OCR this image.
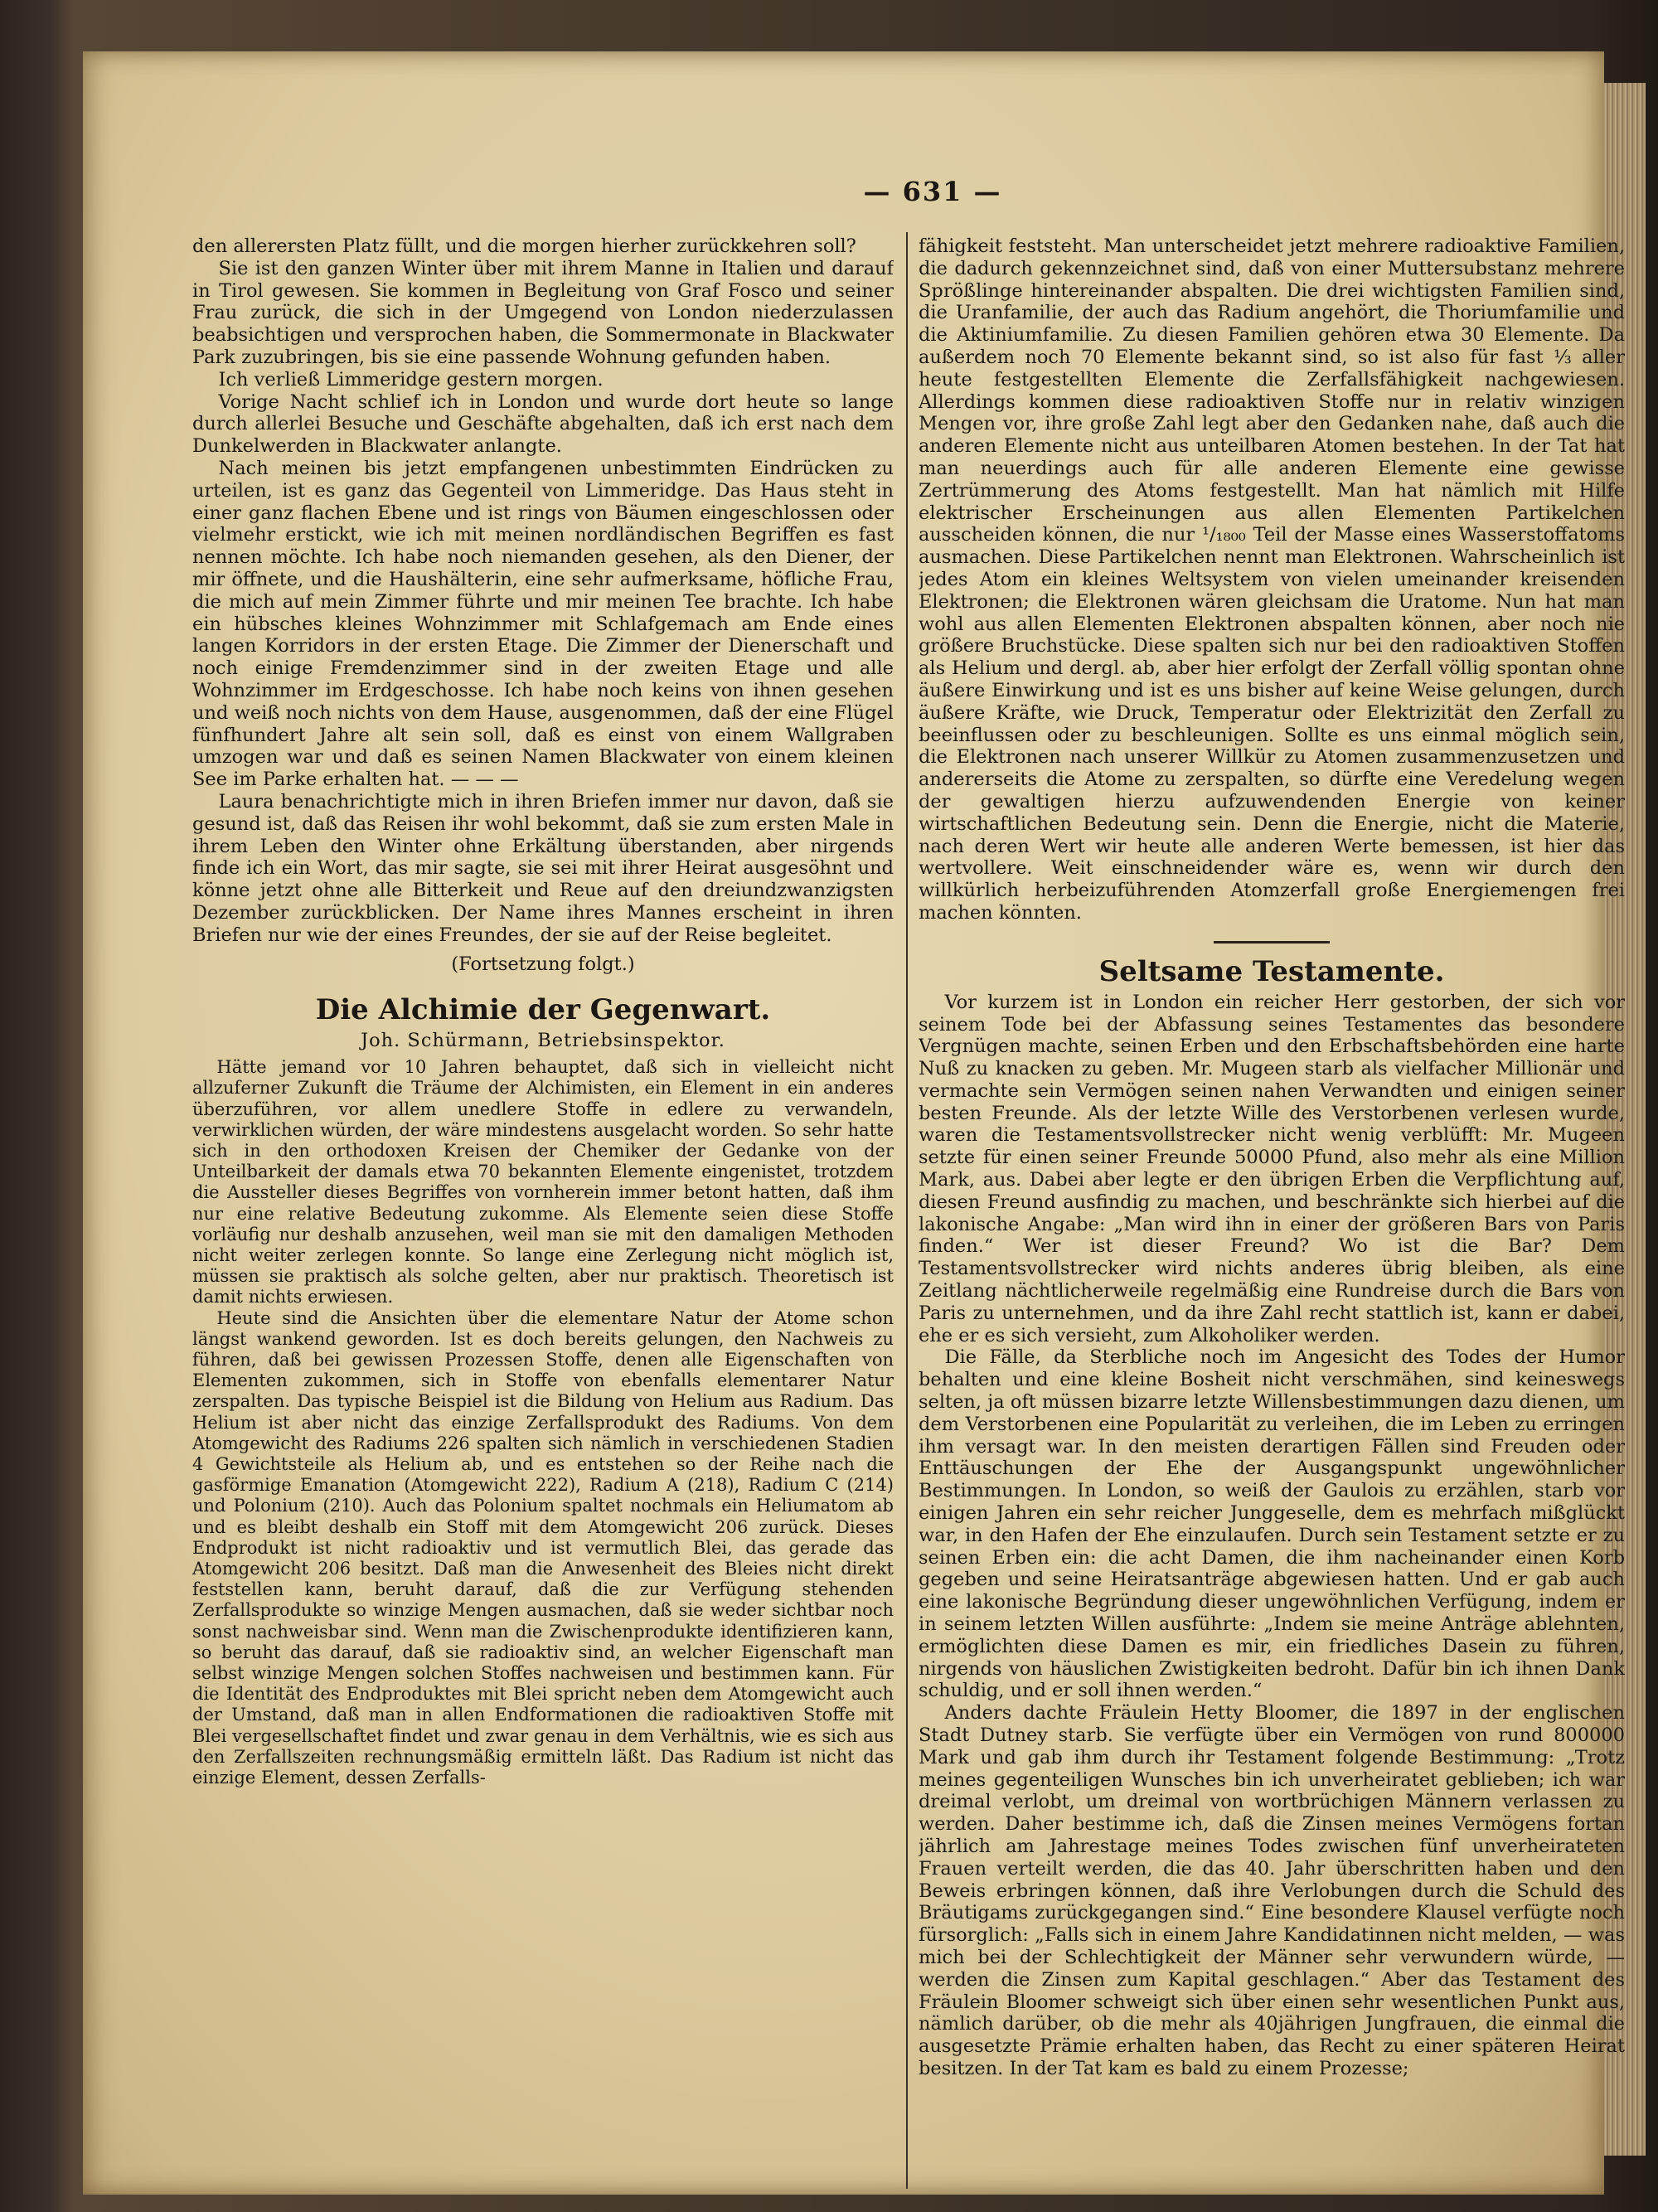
— 631 —

den allerersten Platz füllt, und die morgen hierher zurückkehren soll?

Sie ist den ganzen Winter über mit ihrem Manne in Italien und darauf in Tirol gewesen. Sie kommen in Begleitung von Graf Fosco und seiner Frau zurück, die sich in der Umgegend von London niederzulassen beabsichtigen und versprochen haben, die Sommermonate in Blackwater Park zuzubringen, bis sie eine passende Wohnung gefunden haben.

Ich verließ Limmeridge gestern morgen.

Vorige Nacht schlief ich in London und wurde dort heute so lange durch allerlei Besuche und Geschäfte abgehalten, daß ich erst nach dem Dunkelwerden in Blackwater anlangte.

Nach meinen bis jetzt empfangenen unbestimmten Eindrücken zu urteilen, ist es ganz das Gegenteil von Limmeridge. Das Haus steht in einer ganz flachen Ebene und ist rings von Bäumen eingeschlossen oder vielmehr erstickt, wie ich mit meinen nordländischen Begriffen es fast nennen möchte. Ich habe noch niemanden gesehen, als den Diener, der mir öffnete, und die Haushälterin, eine sehr aufmerksame, höfliche Frau, die mich auf mein Zimmer führte und mir meinen Tee brachte. Ich habe ein hübsches kleines Wohnzimmer mit Schlafgemach am Ende eines langen Korridors in der ersten Etage. Die Zimmer der Dienerschaft und noch einige Fremdenzimmer sind in der zweiten Etage und alle Wohnzimmer im Erdgeschosse. Ich habe noch keins von ihnen gesehen und weiß noch nichts von dem Hause, ausgenommen, daß der eine Flügel fünfhundert Jahre alt sein soll, daß es einst von einem Wallgraben umzogen war und daß es seinen Namen Blackwater von einem kleinen See im Parke erhalten hat. — — —

Laura benachrichtigte mich in ihren Briefen immer nur davon, daß sie gesund ist, daß das Reisen ihr wohl bekommt, daß sie zum ersten Male in ihrem Leben den Winter ohne Erkältung überstanden, aber nirgends finde ich ein Wort, das mir sagte, sie sei mit ihrer Heirat ausgesöhnt und könne jetzt ohne alle Bitterkeit und Reue auf den dreiundzwanzigsten Dezember zurückblicken. Der Name ihres Mannes erscheint in ihren Briefen nur wie der eines Freundes, der sie auf der Reise begleitet.

(Fortsetzung folgt.)
Die Alchimie der Gegenwart.
Joh. Schürmann, Betriebsinspektor.

Hätte jemand vor 10 Jahren behauptet, daß sich in vielleicht nicht allzuferner Zukunft die Träume der Alchimisten, ein Element in ein anderes überzuführen, vor allem unedlere Stoffe in edlere zu verwandeln, verwirklichen würden, der wäre mindestens ausgelacht worden. So sehr hatte sich in den orthodoxen Kreisen der Chemiker der Gedanke von der Unteilbarkeit der damals etwa 70 bekannten Elemente eingenistet, trotzdem die Aussteller dieses Begriffes von vornherein immer betont hatten, daß ihm nur eine relative Bedeutung zukomme. Als Elemente seien diese Stoffe vorläufig nur deshalb anzusehen, weil man sie mit den damaligen Methoden nicht weiter zerlegen konnte. So lange eine Zerlegung nicht möglich ist, müssen sie praktisch als solche gelten, aber nur praktisch. Theoretisch ist damit nichts erwiesen.

Heute sind die Ansichten über die elementare Natur der Atome schon längst wankend geworden. Ist es doch bereits gelungen, den Nachweis zu führen, daß bei gewissen Prozessen Stoffe, denen alle Eigenschaften von Elementen zukommen, sich in Stoffe von ebenfalls elementarer Natur zerspalten. Das typische Beispiel ist die Bildung von Helium aus Radium. Das Helium ist aber nicht das einzige Zerfallsprodukt des Radiums. Von dem Atomgewicht des Radiums 226 spalten sich nämlich in verschiedenen Stadien 4 Gewichtsteile als Helium ab, und es entstehen so der Reihe nach die gasförmige Emanation (Atomgewicht 222), Radium A (218), Radium C (214) und Polonium (210). Auch das Polonium spaltet nochmals ein Heliumatom ab und es bleibt deshalb ein Stoff mit dem Atomgewicht 206 zurück. Dieses Endprodukt ist nicht radioaktiv und ist vermutlich Blei, das gerade das Atomgewicht 206 besitzt. Daß man die Anwesenheit des Bleies nicht direkt feststellen kann, beruht darauf, daß die zur Verfügung stehenden Zerfallsprodukte so winzige Mengen ausmachen, daß sie weder sichtbar noch sonst nachweisbar sind. Wenn man die Zwischenprodukte identifizieren kann, so beruht das darauf, daß sie radioaktiv sind, an welcher Eigenschaft man selbst winzige Mengen solchen Stoffes nachweisen und bestimmen kann. Für die Identität des Endproduktes mit Blei spricht neben dem Atomgewicht auch der Umstand, daß man in allen Endformationen die radioaktiven Stoffe mit Blei vergesellschaftet findet und zwar genau in dem Verhältnis, wie es sich aus den Zerfallszeiten rechnungsmäßig ermitteln läßt. Das Radium ist nicht das einzige Element, dessen Zerfalls-

fähigkeit feststeht. Man unterscheidet jetzt mehrere radioaktive Familien, die dadurch gekennzeichnet sind, daß von einer Muttersubstanz mehrere Sprößlinge hintereinander abspalten. Die drei wichtigsten Familien sind, die Uranfamilie, der auch das Radium angehört, die Thoriumfamilie und die Aktiniumfamilie. Zu diesen Familien gehören etwa 30 Elemente. Da außerdem noch 70 Elemente bekannt sind, so ist also für fast ⅓ aller heute festgestellten Elemente die Zerfallsfähigkeit nachgewiesen. Allerdings kommen diese radioaktiven Stoffe nur in relativ winzigen Mengen vor, ihre große Zahl legt aber den Gedanken nahe, daß auch die anderen Elemente nicht aus unteilbaren Atomen bestehen. In der Tat hat man neuerdings auch für alle anderen Elemente eine gewisse Zertrümmerung des Atoms festgestellt. Man hat nämlich mit Hilfe elektrischer Erscheinungen aus allen Elementen Partikelchen ausscheiden können, die nur ¹/₁₈₀₀ Teil der Masse eines Wasserstoffatoms ausmachen. Diese Partikelchen nennt man Elektronen. Wahrscheinlich ist jedes Atom ein kleines Weltsystem von vielen umeinander kreisenden Elektronen; die Elektronen wären gleichsam die Uratome. Nun hat man wohl aus allen Elementen Elektronen abspalten können, aber noch nie größere Bruchstücke. Diese spalten sich nur bei den radioaktiven Stoffen als Helium und dergl. ab, aber hier erfolgt der Zerfall völlig spontan ohne äußere Einwirkung und ist es uns bisher auf keine Weise gelungen, durch äußere Kräfte, wie Druck, Temperatur oder Elektrizität den Zerfall zu beeinflussen oder zu beschleunigen. Sollte es uns einmal möglich sein, die Elektronen nach unserer Willkür zu Atomen zusammenzusetzen und andererseits die Atome zu zerspalten, so dürfte eine Veredelung wegen der gewaltigen hierzu aufzuwendenden Energie von keiner wirtschaftlichen Bedeutung sein. Denn die Energie, nicht die Materie, nach deren Wert wir heute alle anderen Werte bemessen, ist hier das wertvollere. Weit einschneidender wäre es, wenn wir durch den willkürlich herbeizuführenden Atomzerfall große Energiemengen frei machen könnten.

Seltsame Testamente.

Vor kurzem ist in London ein reicher Herr gestorben, der sich vor seinem Tode bei der Abfassung seines Testamentes das besondere Vergnügen machte, seinen Erben und den Erbschaftsbehörden eine harte Nuß zu knacken zu geben. Mr. Mugeen starb als vielfacher Millionär und vermachte sein Vermögen seinen nahen Verwandten und einigen seiner besten Freunde. Als der letzte Wille des Verstorbenen verlesen wurde, waren die Testamentsvollstrecker nicht wenig verblüfft: Mr. Mugeen setzte für einen seiner Freunde 50000 Pfund, also mehr als eine Million Mark, aus. Dabei aber legte er den übrigen Erben die Verpflichtung auf, diesen Freund ausfindig zu machen, und beschränkte sich hierbei auf die lakonische Angabe: „Man wird ihn in einer der größeren Bars von Paris finden.“ Wer ist dieser Freund? Wo ist die Bar? Dem Testamentsvollstrecker wird nichts anderes übrig bleiben, als eine Zeitlang nächtlicherweile regelmäßig eine Rundreise durch die Bars von Paris zu unternehmen, und da ihre Zahl recht stattlich ist, kann er dabei, ehe er es sich versieht, zum Alkoholiker werden.

Die Fälle, da Sterbliche noch im Angesicht des Todes der Humor behalten und eine kleine Bosheit nicht verschmähen, sind keineswegs selten, ja oft müssen bizarre letzte Willensbestimmungen dazu dienen, um dem Verstorbenen eine Popularität zu verleihen, die im Leben zu erringen ihm versagt war. In den meisten derartigen Fällen sind Freuden oder Enttäuschungen der Ehe der Ausgangspunkt ungewöhnlicher Bestimmungen. In London, so weiß der Gaulois zu erzählen, starb vor einigen Jahren ein sehr reicher Junggeselle, dem es mehrfach mißglückt war, in den Hafen der Ehe einzulaufen. Durch sein Testament setzte er zu seinen Erben ein: die acht Damen, die ihm nacheinander einen Korb gegeben und seine Heiratsanträge abgewiesen hatten. Und er gab auch eine lakonische Begründung dieser ungewöhnlichen Verfügung, indem er in seinem letzten Willen ausführte: „Indem sie meine Anträge ablehnten, ermöglichten diese Damen es mir, ein friedliches Dasein zu führen, nirgends von häuslichen Zwistigkeiten bedroht. Dafür bin ich ihnen Dank schuldig, und er soll ihnen werden.“

Anders dachte Fräulein Hetty Bloomer, die 1897 in der englischen Stadt Dutney starb. Sie verfügte über ein Vermögen von rund 800000 Mark und gab ihm durch ihr Testament folgende Bestimmung: „Trotz meines gegenteiligen Wunsches bin ich unverheiratet geblieben; ich war dreimal verlobt, um dreimal von wortbrüchigen Männern verlassen zu werden. Daher bestimme ich, daß die Zinsen meines Vermögens fortan jährlich am Jahrestage meines Todes zwischen fünf unverheirateten Frauen verteilt werden, die das 40. Jahr überschritten haben und den Beweis erbringen können, daß ihre Verlobungen durch die Schuld des Bräutigams zurückgegangen sind.“ Eine besondere Klausel verfügte noch fürsorglich: „Falls sich in einem Jahre Kandidatinnen nicht melden, — was mich bei der Schlechtigkeit der Männer sehr verwundern würde, — werden die Zinsen zum Kapital geschlagen.“ Aber das Testament des Fräulein Bloomer schweigt sich über einen sehr wesentlichen Punkt aus, nämlich darüber, ob die mehr als 40jährigen Jungfrauen, die einmal die ausgesetzte Prämie erhalten haben, das Recht zu einer späteren Heirat besitzen. In der Tat kam es bald zu einem Prozesse;
